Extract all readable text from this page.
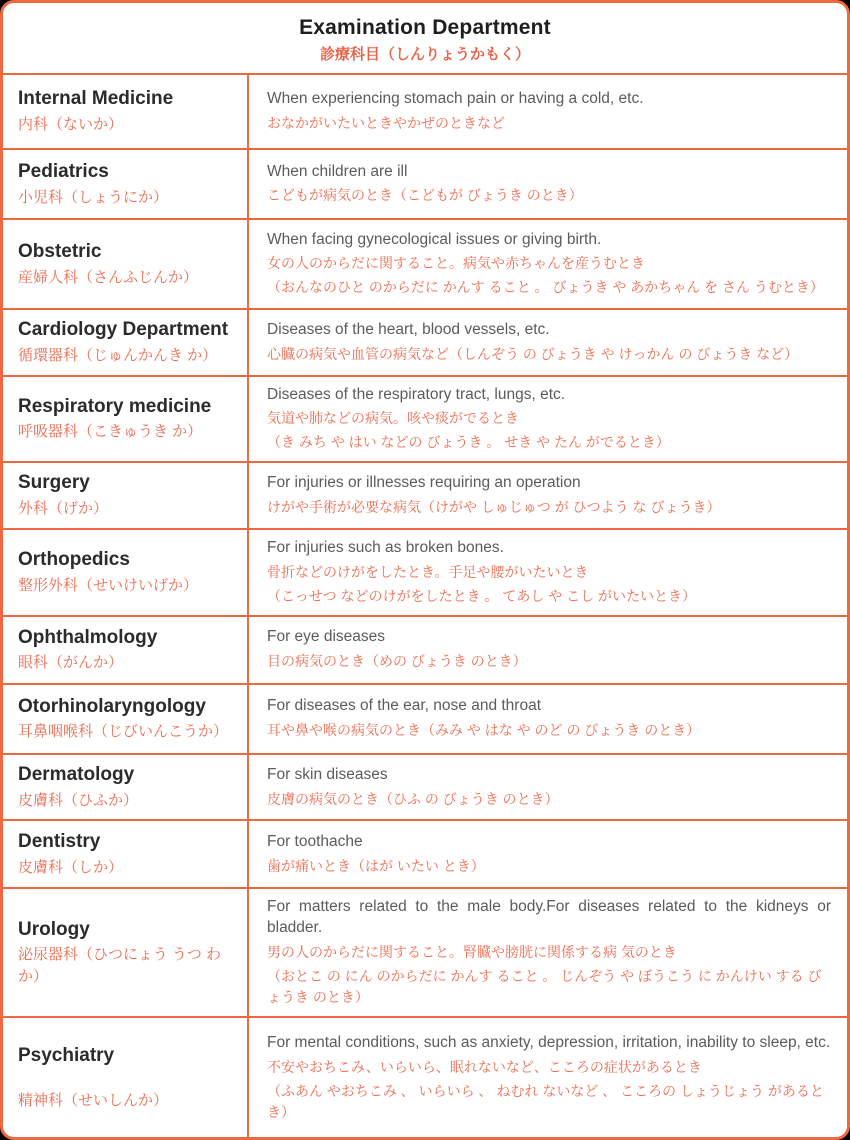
Examination Department
診療科目（しんりょうかもく）
Internal Medicine
内科（ないか）
When experiencing stomach pain or having a cold, etc.
おなかがいたいときやかぜのときなど
Pediatrics
小児科（しょうにか）
When children are ill
こどもが病気のとき（こどもが びょうき のとき）
Obstetric
産婦人科（さんふじんか）
When facing gynecological issues or giving birth.
女の人のからだに関すること。病気や赤ちゃんを産うむとき
（おんなのひと のからだに かんす ること 。 びょうき や あかちゃん を さん うむとき）
Cardiology Department
循環器科（じゅんかんき か）
Diseases of the heart, blood vessels, etc.
心臓の病気や血管の病気など（しんぞう の びょうき や けっかん の びょうき など）
Respiratory medicine
呼吸器科（こきゅうき か）
Diseases of the respiratory tract, lungs, etc.
気道や肺などの病気。咳や痰がでるとき
（き みち や はい などの びょうき 。 せき や たん がでるとき）
Surgery
外科（げか）
For injuries or illnesses requiring an operation
けがや手術が必要な病気（けがや しゅじゅつ が ひつよう な びょうき）
Orthopedics
整形外科（せいけいげか）
For injuries such as broken bones.
骨折などのけがをしたとき。手足や腰がいたいとき
（こっせつ などのけがをしたとき 。 てあし や こし がいたいとき）
Ophthalmology
眼科（がんか）
For eye diseases
目の病気のとき（めの びょうき のとき）
Otorhinolaryngology
耳鼻咽喉科（じびいんこうか）
For diseases of the ear, nose and throat
耳や鼻や喉の病気のとき（みみ や はな や のど の びょうき のとき）
Dermatology
皮膚科（ひふか）
For skin diseases
皮膚の病気のとき（ひふ の びょうき のとき）
Dentistry
皮膚科（しか）
For toothache
歯が痛いとき（はが いたい とき）
Urology
泌尿器科（ひつにょう うつ わ か）
For matters related to the male body.For diseases related to the kidneys or bladder.
男の人のからだに関すること。腎臓や膀胱に関係する病 気のとき
（おとこ の にん のからだに かんす ること 。 じんぞう や ぼうこう に かんけい する びょうき のとき）
Psychiatry
精神科（せいしんか）
For mental conditions, such as anxiety, depression, irritation, inability to sleep, etc.
不安やおちこみ、いらいら、眠れないなど、こころの症状があるとき
（ふあん やおちこみ 、 いらいら 、 ねむれ ないなど 、 こころの しょうじょう があると き）
